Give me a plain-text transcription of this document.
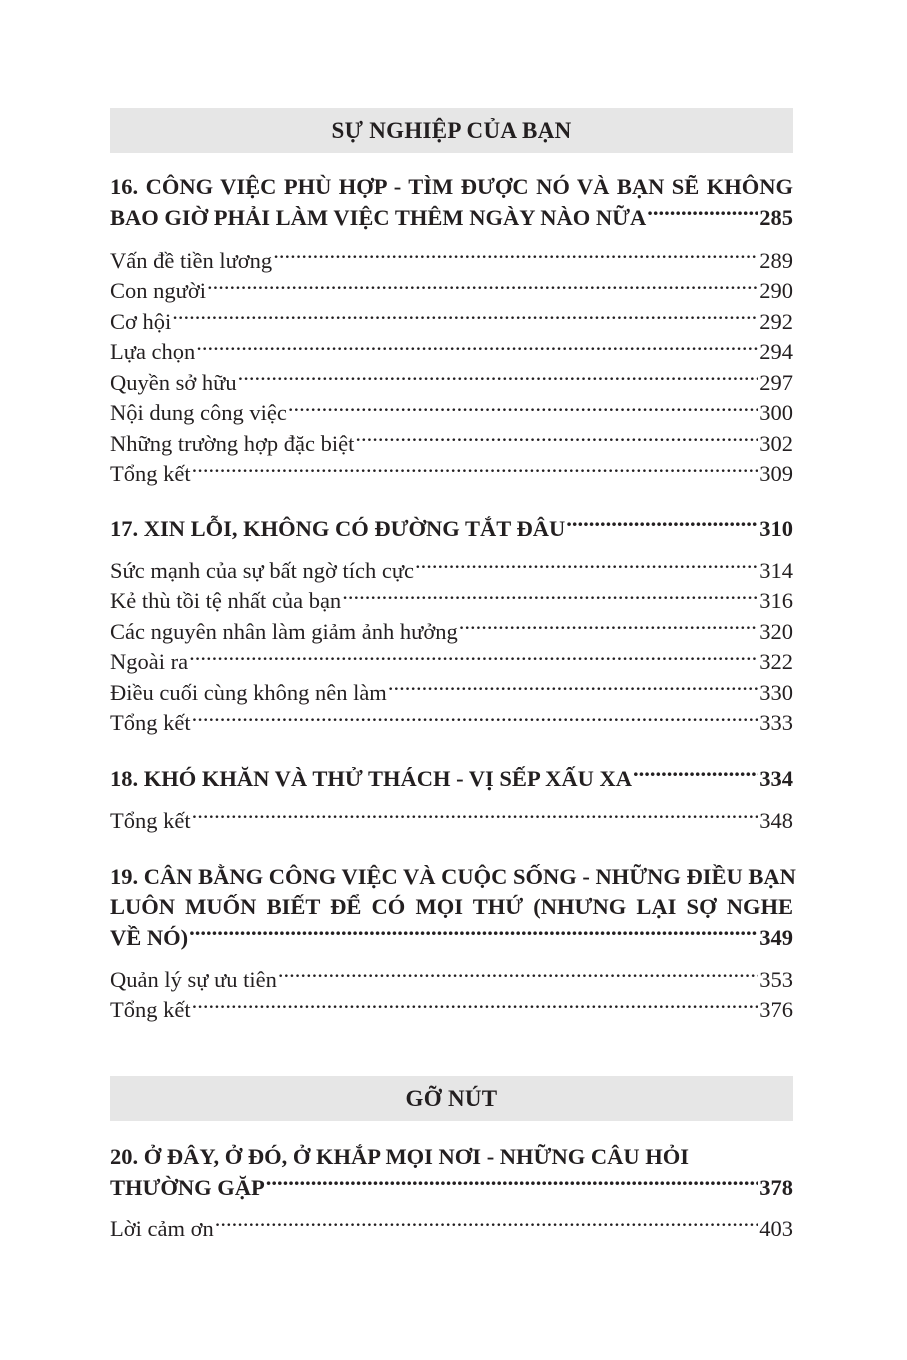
SỰ NGHIỆP CỦA BẠN
16. CÔNG VIỆC PHÙ HỢP - TÌM ĐƯỢC NÓ VÀ BẠN SẼ KHÔNG
BAO GIỜ PHẢI LÀM VIỆC THÊM NGÀY NÀO NỮA .....	285
Vấn đề tiền lương .....	289
Con người .....	290
Cơ hội .....	292
Lựa chọn .....	294
Quyền sở hữu .....	297
Nội dung công việc .....	300
Những trường hợp đặc biệt .....	302
Tổng kết .....	309
17. XIN LỖI, KHÔNG CÓ ĐƯỜNG TẮT ĐÂU .....	310
Sức mạnh của sự bất ngờ tích cực .....	314
Kẻ thù tồi tệ nhất của bạn .....	316
Các nguyên nhân làm giảm ảnh hưởng .....	320
Ngoài ra .....	322
Điều cuối cùng không nên làm .....	330
Tổng kết .....	333
18. KHÓ KHĂN VÀ THỬ THÁCH - VỊ SẾP XẤU XA .....	334
Tổng kết .....	348
19. CÂN BẰNG CÔNG VIỆC VÀ CUỘC SỐNG - NHỮNG ĐIỀU BẠN
LUÔN MUỐN BIẾT ĐỂ CÓ MỌI THỨ (NHƯNG LẠI SỢ NGHE
VỀ NÓ) .....	349
Quản lý sự ưu tiên .....	353
Tổng kết .....	376
GỠ NÚT
20. Ở ĐÂY, Ở ĐÓ, Ở KHẮP MỌI NƠI - NHỮNG CÂU HỎI
THƯỜNG GẶP .....	378
Lời cảm ơn .....	403
